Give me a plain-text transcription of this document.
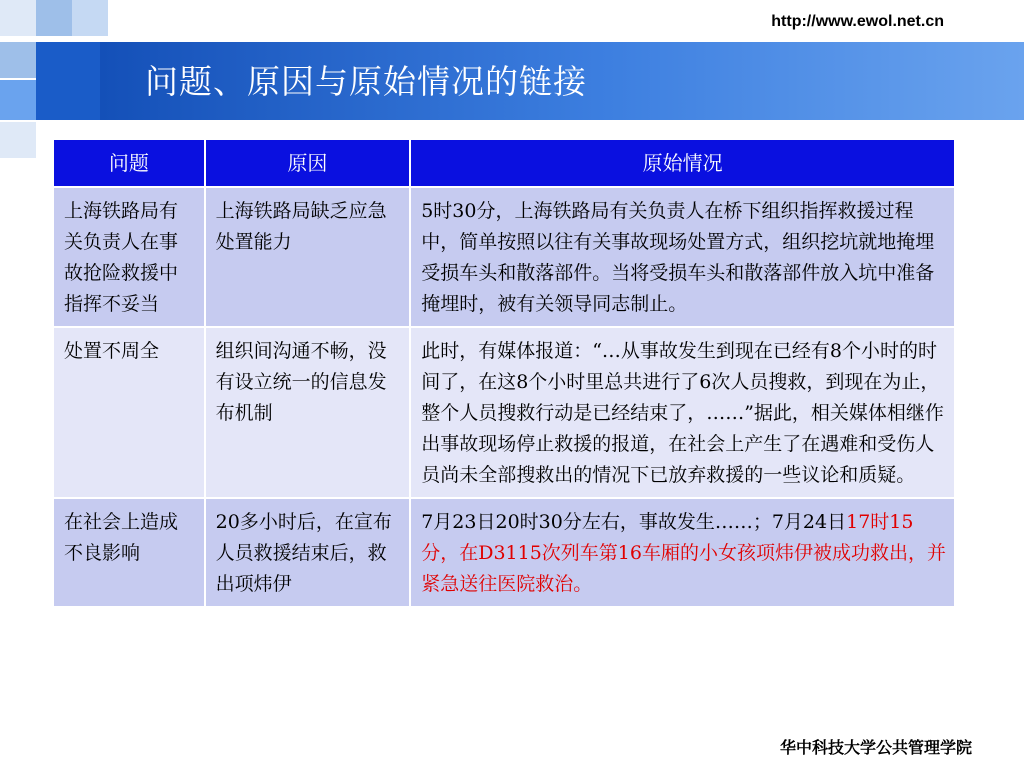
http://www.ewol.net.cn
问题、原因与原始情况的链接
问题	原因	原始情况
上海铁路局有关负责人在事故抢险救援中指挥不妥当	上海铁路局缺乏应急处置能力	5时30分，上海铁路局有关负责人在桥下组织指挥救援过程中，简单按照以往有关事故现场处置方式，组织挖坑就地掩埋受损车头和散落部件。当将受损车头和散落部件放入坑中准备掩埋时，被有关领导同志制止。
处置不周全	组织间沟通不畅，没有设立统一的信息发布机制	此时，有媒体报道：“…从事故发生到现在已经有8个小时的时间了，在这8个小时里总共进行了6次人员搜救，到现在为止，整个人员搜救行动是已经结束了，……”据此，相关媒体相继作出事故现场停止救援的报道，在社会上产生了在遇难和受伤人员尚未全部搜救出的情况下已放弃救援的一些议论和质疑。
在社会上造成不良影响	20多小时后，在宣布人员救援结束后，救出项炜伊	7月23日20时30分左右，事故发生……；7月24日17时15分，在D3115次列车第16车厢的小女孩项炜伊被成功救出，并紧急送往医院救治。
华中科技大学公共管理学院
